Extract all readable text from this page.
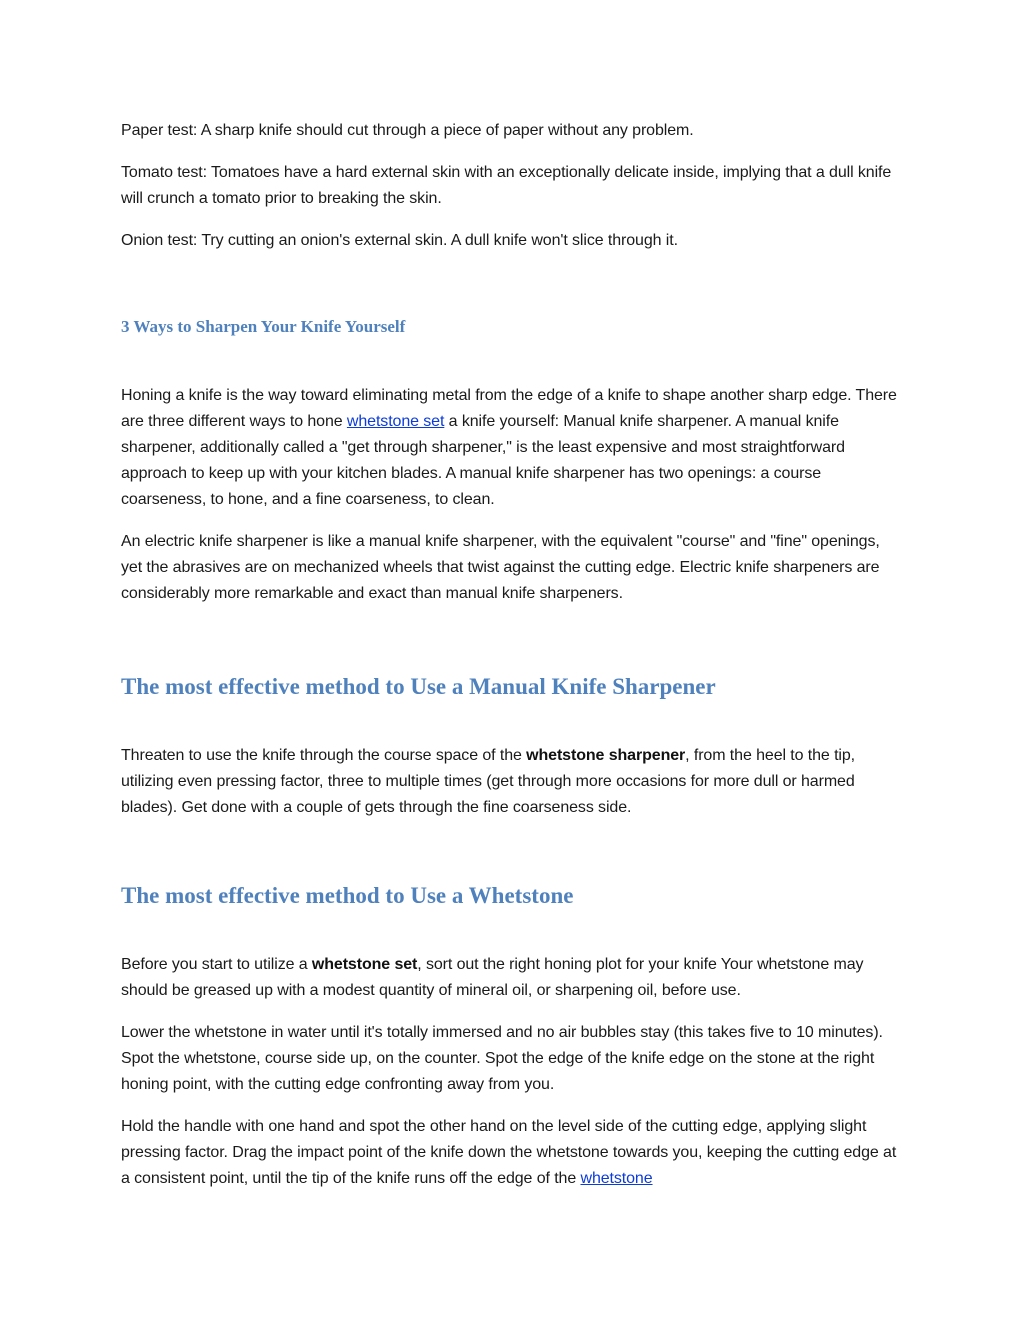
Paper test: A sharp knife should cut through a piece of paper without any problem.

Tomato test: Tomatoes have a hard external skin with an exceptionally delicate inside, implying that a dull knife will crunch a tomato prior to breaking the skin.

Onion test: Try cutting an onion's external skin. A dull knife won't slice through it.

3 Ways to Sharpen Your Knife Yourself

Honing a knife is the way toward eliminating metal from the edge of a knife to shape another sharp edge. There are three different ways to hone whetstone set a knife yourself: Manual knife sharpener. A manual knife sharpener, additionally called a "get through sharpener," is the least expensive and most straightforward approach to keep up with your kitchen blades. A manual knife sharpener has two openings: a course coarseness, to hone, and a fine coarseness, to clean.

An electric knife sharpener is like a manual knife sharpener, with the equivalent "course" and "fine" openings, yet the abrasives are on mechanized wheels that twist against the cutting edge. Electric knife sharpeners are considerably more remarkable and exact than manual knife sharpeners.

The most effective method to Use a Manual Knife Sharpener

Threaten to use the knife through the course space of the whetstone sharpener, from the heel to the tip, utilizing even pressing factor, three to multiple times (get through more occasions for more dull or harmed blades). Get done with a couple of gets through the fine coarseness side.

The most effective method to Use a Whetstone

Before you start to utilize a whetstone set, sort out the right honing plot for your knife Your whetstone may should be greased up with a modest quantity of mineral oil, or sharpening oil, before use.

Lower the whetstone in water until it's totally immersed and no air bubbles stay (this takes five to 10 minutes). Spot the whetstone, course side up, on the counter. Spot the edge of the knife edge on the stone at the right honing point, with the cutting edge confronting away from you.

Hold the handle with one hand and spot the other hand on the level side of the cutting edge, applying slight pressing factor. Drag the impact point of the knife down the whetstone towards you, keeping the cutting edge at a consistent point, until the tip of the knife runs off the edge of the whetstone
